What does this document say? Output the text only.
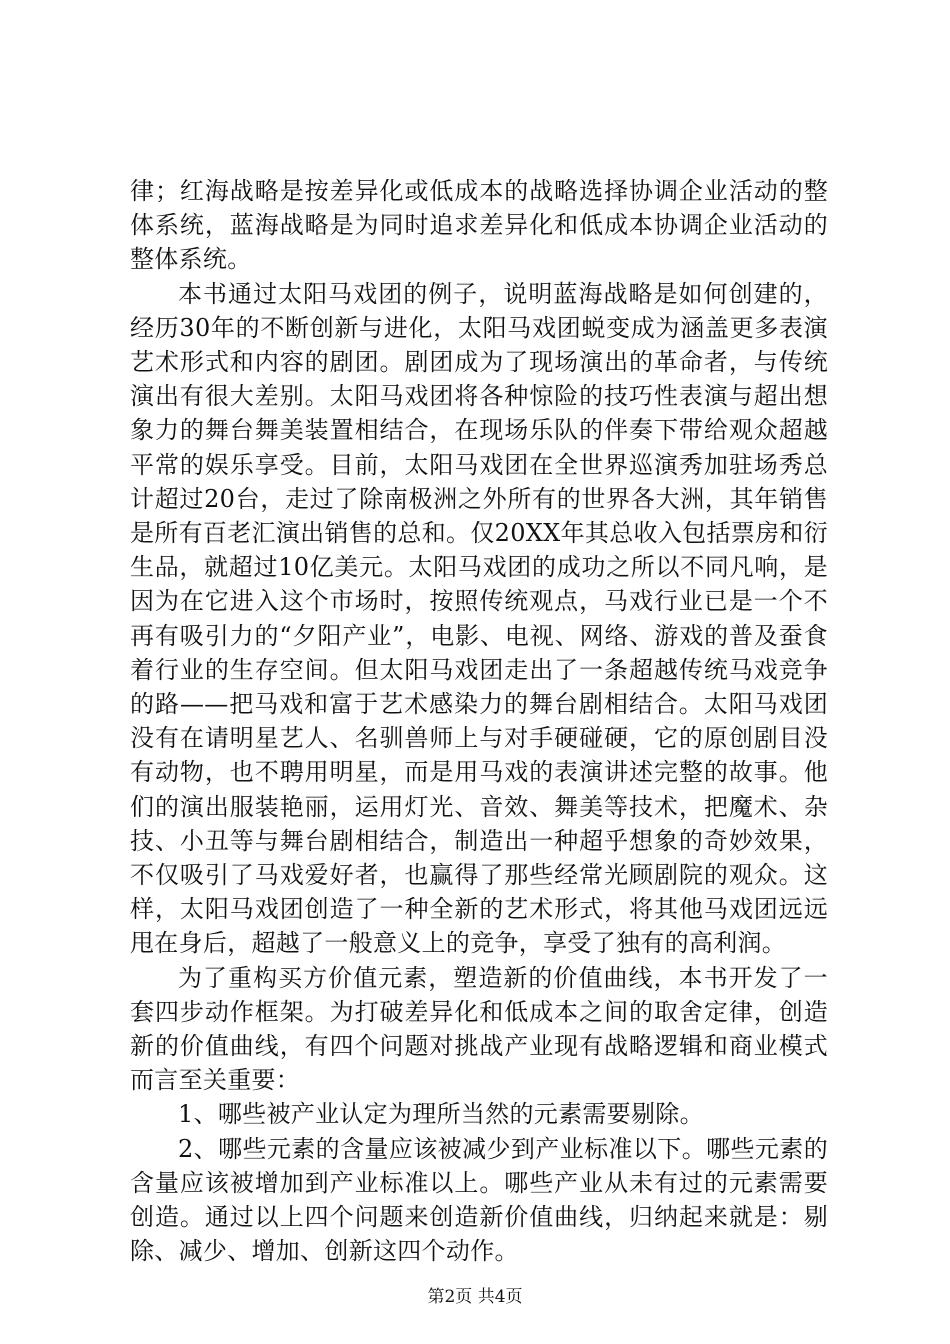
律；红海战略是按差异化或低成本的战略选择协调企业活动的整体系统，蓝海战略是为同时追求差异化和低成本协调企业活动的整体系统。

本书通过太阳马戏团的例子，说明蓝海战略是如何创建的，经历30年的不断创新与进化，太阳马戏团蜕变成为涵盖更多表演艺术形式和内容的剧团。剧团成为了现场演出的革命者，与传统演出有很大差别。太阳马戏团将各种惊险的技巧性表演与超出想象力的舞台舞美装置相结合，在现场乐队的伴奏下带给观众超越平常的娱乐享受。目前，太阳马戏团在全世界巡演秀加驻场秀总计超过20台，走过了除南极洲之外所有的世界各大洲，其年销售是所有百老汇演出销售的总和。仅20XX年其总收入包括票房和衍生品，就超过10亿美元。太阳马戏团的成功之所以不同凡响，是因为在它进入这个市场时，按照传统观点，马戏行业已是一个不再有吸引力的“夕阳产业”，电影、电视、网络、游戏的普及蚕食着行业的生存空间。但太阳马戏团走出了一条超越传统马戏竞争的路——把马戏和富于艺术感染力的舞台剧相结合。太阳马戏团没有在请明星艺人、名驯兽师上与对手硬碰硬，它的原创剧目没有动物，也不聘用明星，而是用马戏的表演讲述完整的故事。他们的演出服装艳丽，运用灯光、音效、舞美等技术，把魔术、杂技、小丑等与舞台剧相结合，制造出一种超乎想象的奇妙效果，不仅吸引了马戏爱好者，也赢得了那些经常光顾剧院的观众。这样，太阳马戏团创造了一种全新的艺术形式，将其他马戏团远远甩在身后，超越了一般意义上的竞争，享受了独有的高利润。

为了重构买方价值元素，塑造新的价值曲线，本书开发了一套四步动作框架。为打破差异化和低成本之间的取舍定律，创造新的价值曲线，有四个问题对挑战产业现有战略逻辑和商业模式而言至关重要：

1、哪些被产业认定为理所当然的元素需要剔除。

2、哪些元素的含量应该被减少到产业标准以下。哪些元素的含量应该被增加到产业标准以上。哪些产业从未有过的元素需要创造。通过以上四个问题来创造新价值曲线，归纳起来就是：剔除、减少、增加、创新这四个动作。

第2页 共4页
